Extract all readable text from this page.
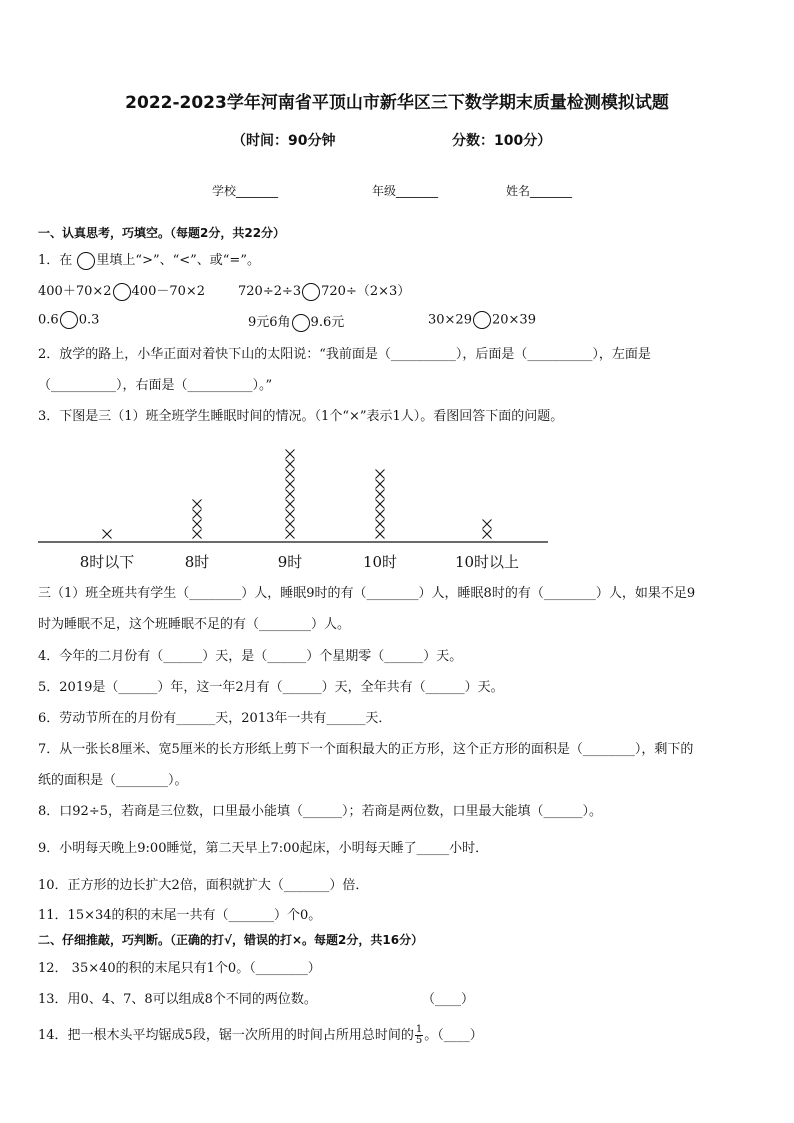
2022-2023学年河南省平顶山市新华区三下数学期末质量检测模拟试题
（时间：90分钟	分数：100分）
学校_______	年级_______	姓名_______
一、认真思考，巧填空。（每题2分，共22分）
1．在 里填上“>”、“<”、或“=”。
400＋70×2 400－70×2	720÷2÷3 720÷（2×3）
0.6 0.3	9元6角 9.6元	30×29 20×39
2．放学的路上，小华正面对着快下山的太阳说：“我前面是（__________），后面是（__________），左面是
（__________），右面是（__________）。”
3．下图是三（1）班全班学生睡眠时间的情况。（1个“×”表示1人）。看图回答下面的问题。
8时以下	8时	9时	10时	10时以上
三（1）班全班共有学生（________）人，睡眠9时的有（________）人，睡眠8时的有（________）人，如果不足9
时为睡眠不足，这个班睡眠不足的有（________）人。
4．今年的二月份有（______）天，是（______）个星期零（______）天。
5．2019是（______）年，这一年2月有（______）天，全年共有（______）天。
6．劳动节所在的月份有______天，2013年一共有______天．
7．从一张长8厘米、宽5厘米的长方形纸上剪下一个面积最大的正方形，这个正方形的面积是（________），剩下的
纸的面积是（________）。
8．口92÷5，若商是三位数，口里最小能填（______）；若商是两位数，口里最大能填（______）。
9．小明每天晚上9:00睡觉，第二天早上7:00起床，小明每天睡了_____小时．
10．正方形的边长扩大2倍，面积就扩大（_______）倍．
11．15×34的积的末尾一共有（_______）个0。
二、仔细推敲，巧判断。（正确的打√，错误的打×。每题2分，共16分）
12． 35×40的积的末尾只有1个0。（________）
13．用0、4、7、8可以组成8个不同的两位数。	（____）
14．把一根木头平均锯成5段，锯一次所用的时间占所用总时间的 $\frac{1}{5}$ 。（____）
